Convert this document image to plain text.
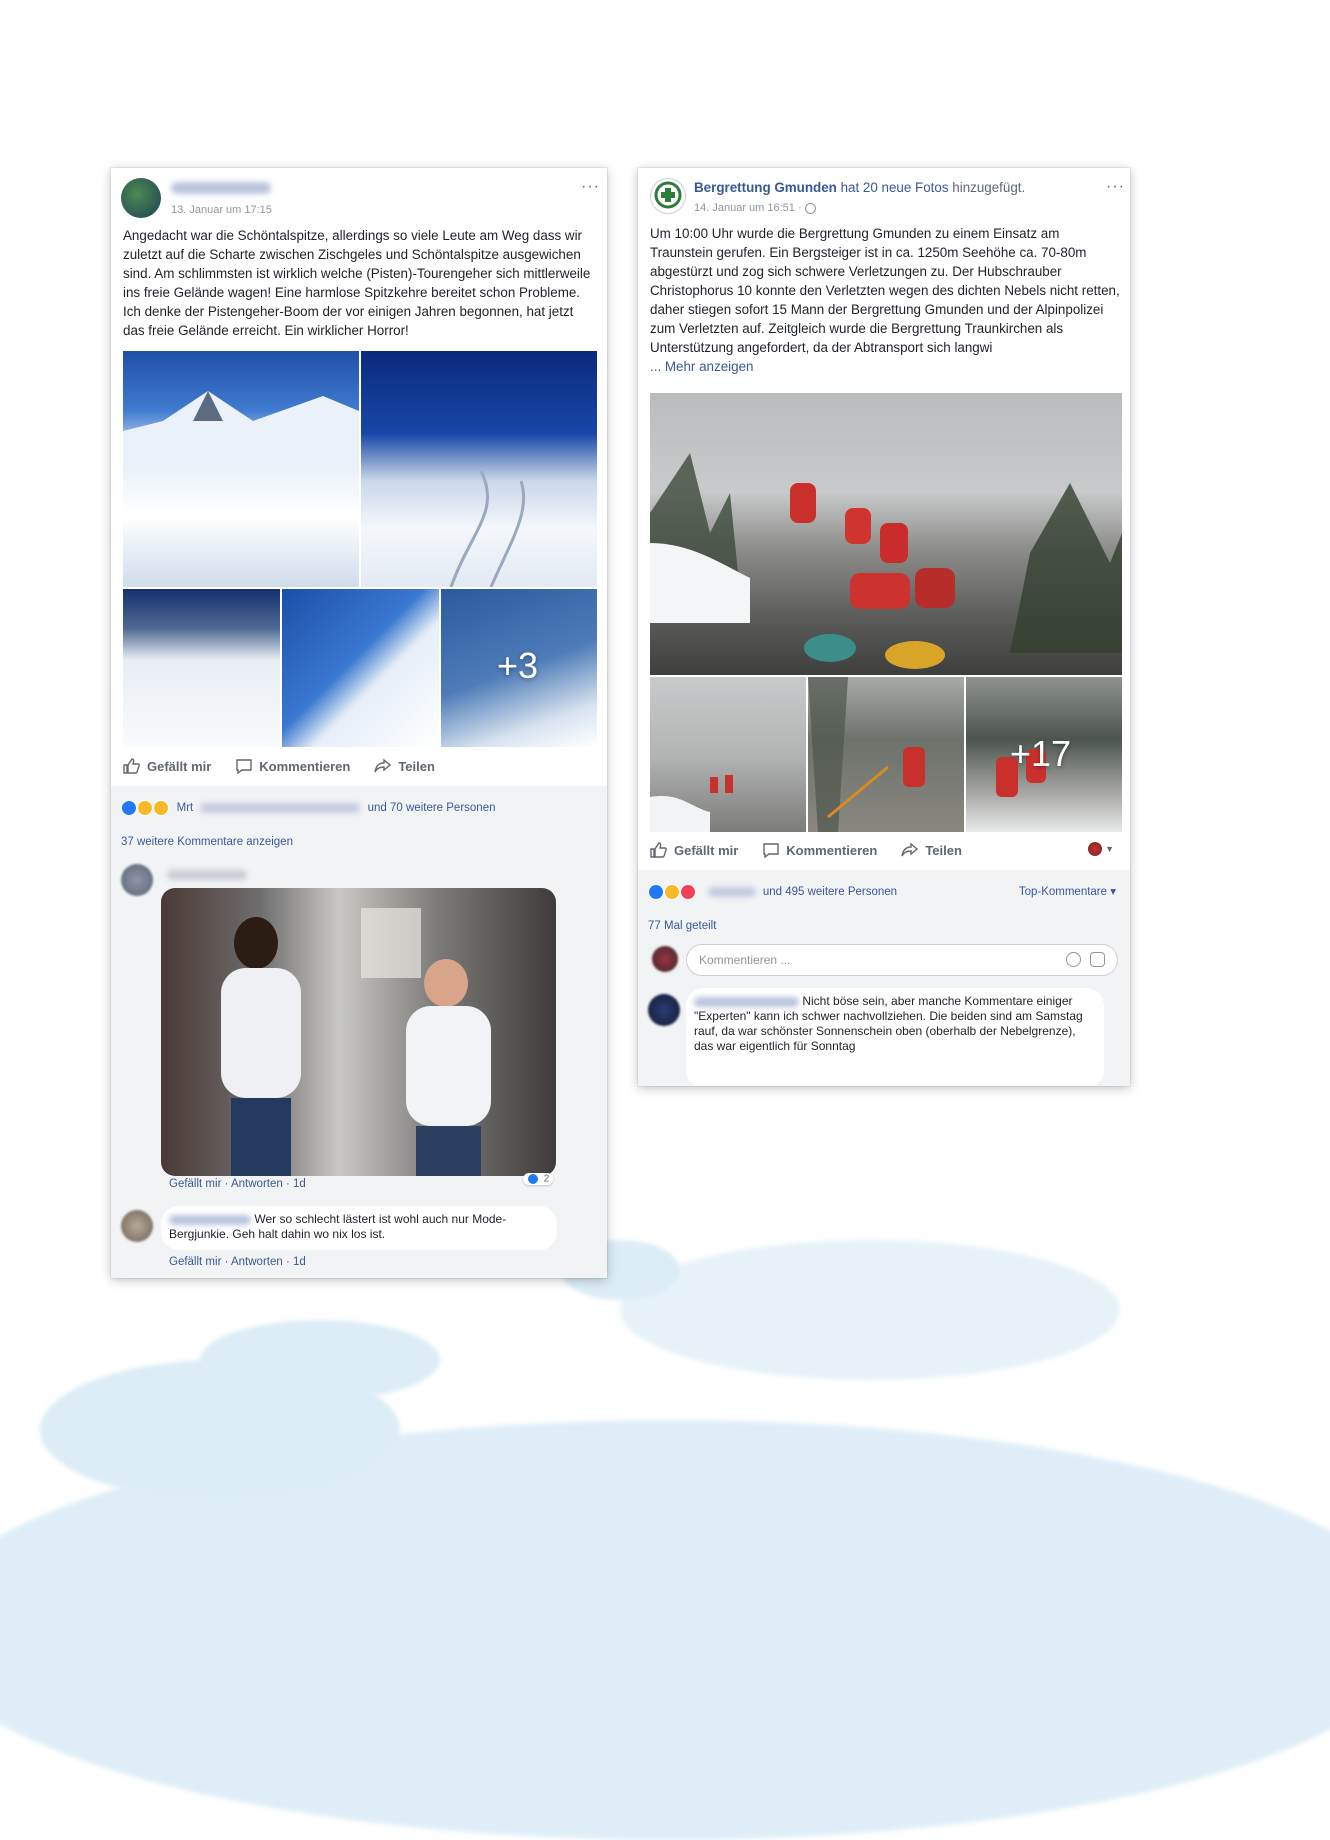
13. Januar um 17:15
···
Angedacht war die Schöntalspitze, allerdings so viele Leute am Weg dass wir zuletzt auf die Scharte zwischen Zischgeles und Schöntalspitze ausgewichen sind. Am schlimmsten ist wirklich welche (Pisten)-Tourengeher sich mittlerweile ins freie Gelände wagen! Eine harmlose Spitzkehre bereitet schon Probleme. Ich denke der Pistengeher-Boom der vor einigen Jahren begonnen, hat jetzt das freie Gelände erreicht. Ein wirklicher Horror!
+3
Gefällt mir	Kommentieren	Teilen
Mrt	und 70 weitere Personen
37 weitere Kommentare anzeigen
Gefällt mir · Antworten · 1d	2
Wer so schlecht lästert ist wohl auch nur Mode-Bergjunkie. Geh halt dahin wo nix los ist.
Gefällt mir · Antworten · 1d
Bergrettung Gmunden hat 20 neue Fotos hinzugefügt.
14. Januar um 16:51 ·
···
Um 10:00 Uhr wurde die Bergrettung Gmunden zu einem Einsatz am Traunstein gerufen. Ein Bergsteiger ist in ca. 1250m Seehöhe ca. 70-80m abgestürzt und zog sich schwere Verletzungen zu. Der Hubschrauber Christophorus 10 konnte den Verletzten wegen des dichten Nebels nicht retten, daher stiegen sofort 15 Mann der Bergrettung Gmunden und der Alpinpolizei zum Verletzten auf. Zeitgleich wurde die Bergrettung Traunkirchen als Unterstützung angefordert, da der Abtransport sich langwi
... Mehr anzeigen
+17
Gefällt mir	Kommentieren	Teilen	▼
und 495 weitere Personen	Top-Kommentare ▾
77 Mal geteilt
Kommentieren ...
Nicht böse sein, aber manche Kommentare einiger "Experten" kann ich schwer nachvollziehen. Die beiden sind am Samstag rauf, da war schönster Sonnenschein oben (oberhalb der Nebelgrenze), das war eigentlich für Sonntag
